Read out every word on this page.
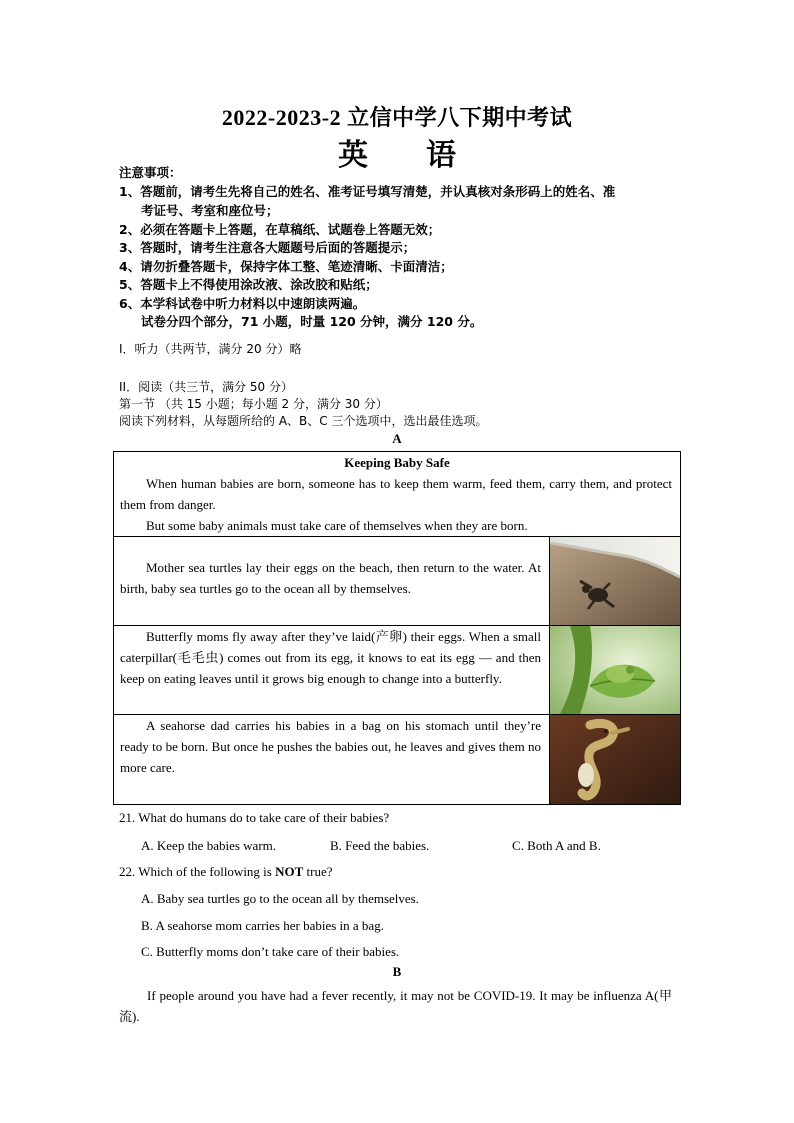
2022-2023-2 立信中学八下期中考试
英 语
注意事项：
1、答题前，请考生先将自己的姓名、准考证号填写清楚，并认真核对条形码上的姓名、准
考证号、考室和座位号；
2、必须在答题卡上答题，在草稿纸、试题卷上答题无效；
3、答题时，请考生注意各大题题号后面的答题提示；
4、请勿折叠答题卡，保持字体工整、笔迹清晰、卡面清洁；
5、答题卡上不得使用涂改液、涂改胶和贴纸；
6、本学科试卷中听力材料以中速朗读两遍。
试卷分四个部分，71 小题，时量 120 分钟，满分 120 分。
I．听力（共两节，满分 20 分）略
II．阅读（共三节，满分 50 分）
第一节 （共 15 小题；每小题 2 分，满分 30 分）
阅读下列材料，从每题所给的 A、B、C 三个选项中，选出最佳选项。
A
Keeping Baby Safe
When human babies are born, someone has to keep them warm, feed them, carry them, and protect them from danger.
But some baby animals must take care of themselves when they are born.	

Mother sea turtles lay their eggs on the beach, then return to the water. At birth, baby sea turtles go to the ocean all by themselves.

Butterfly moms fly away after they’ve laid(产卵) their eggs. When a small caterpillar(毛毛虫) comes out from its egg, it knows to eat its egg — and then keep on eating leaves until it grows big enough to change into a butterfly.

A seahorse dad carries his babies in a bag on his stomach until they’re ready to be born. But once he pushes the babies out, he leaves and gives them no more care.

21. What do humans do to take care of their babies?
A. Keep the babies warm.	B. Feed the babies.	C. Both A and B.
22. Which of the following is NOT true?
A. Baby sea turtles go to the ocean all by themselves.
B. A seahorse mom carries her babies in a bag.
C. Butterfly moms don’t take care of their babies.
B
If people around you have had a fever recently, it may not be COVID-19. It may be influenza A(甲流).
